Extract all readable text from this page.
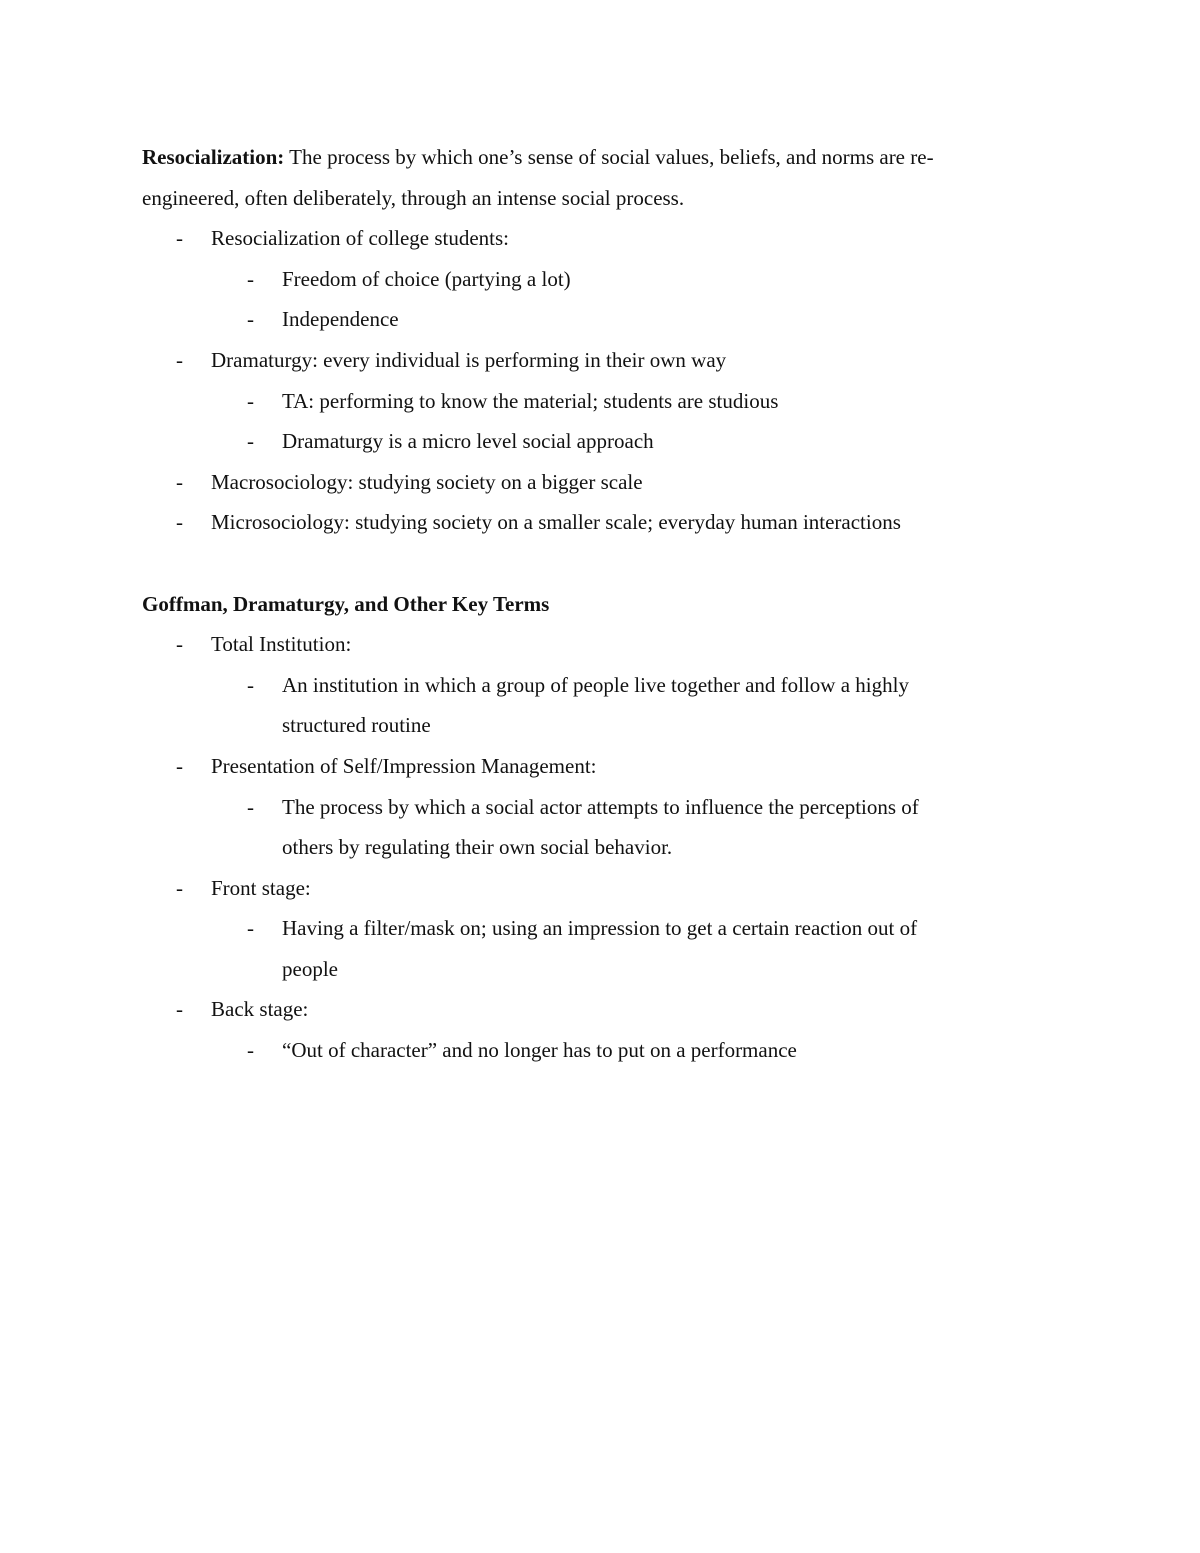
Resocialization: The process by which one’s sense of social values, beliefs, and norms are re-
engineered, often deliberately, through an intense social process.
- Resocialization of college students:
- Freedom of choice (partying a lot)
- Independence
- Dramaturgy: every individual is performing in their own way
- TA: performing to know the material; students are studious
- Dramaturgy is a micro level social approach
- Macrosociology: studying society on a bigger scale
- Microsociology: studying society on a smaller scale; everyday human interactions
Goffman, Dramaturgy, and Other Key Terms
- Total Institution:
- An institution in which a group of people live together and follow a highly
structured routine
- Presentation of Self/Impression Management:
- The process by which a social actor attempts to influence the perceptions of
others by regulating their own social behavior.
- Front stage:
- Having a filter/mask on; using an impression to get a certain reaction out of
people
- Back stage:
- “Out of character” and no longer has to put on a performance
